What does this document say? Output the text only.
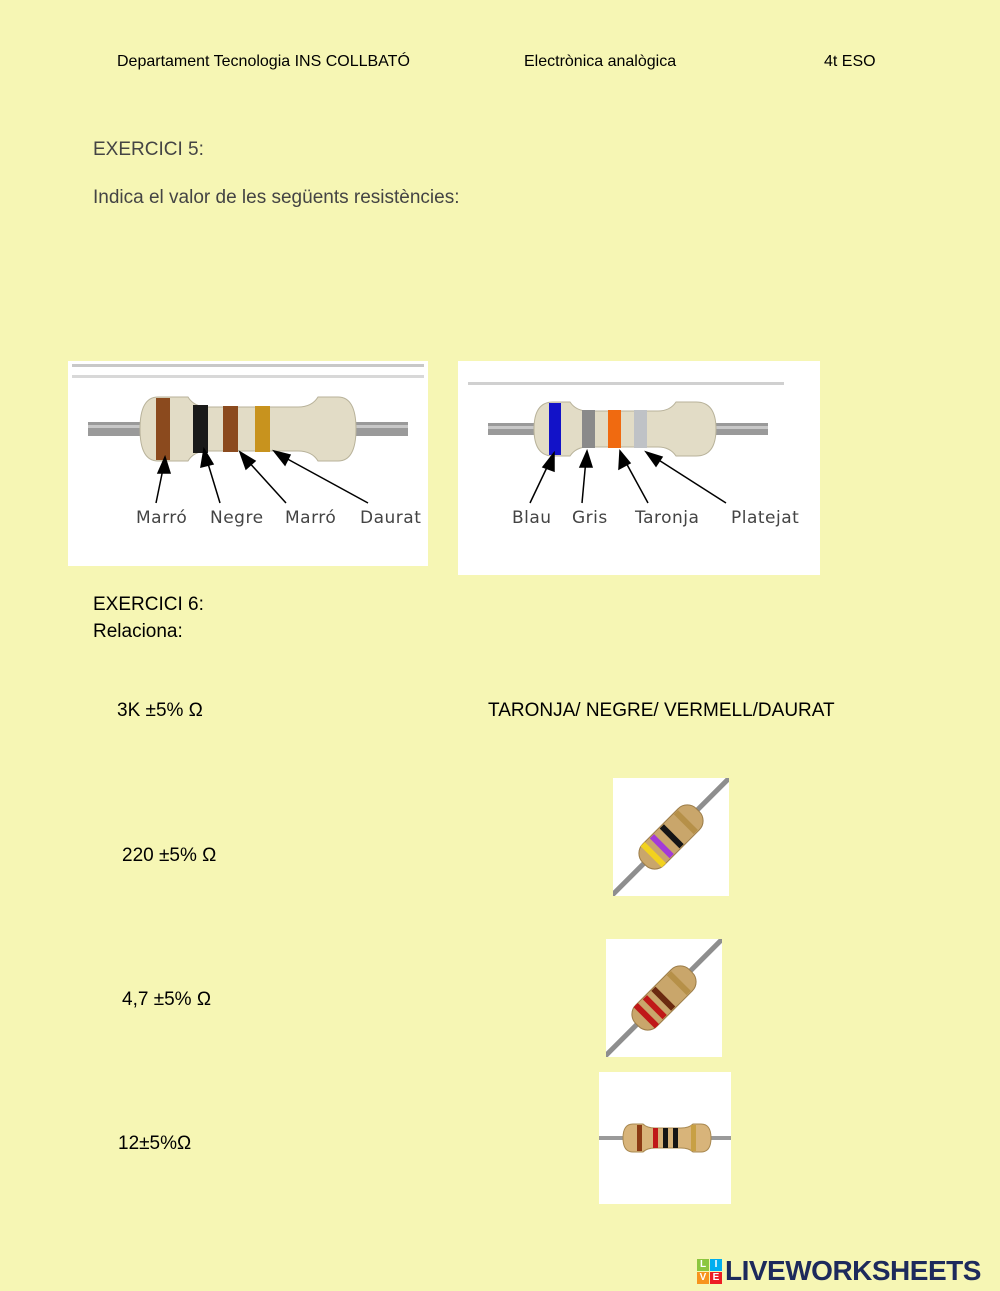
Departament Tecnologia INS COLLBATÓ	Electrònica analògica	4t ESO
EXERCICI 5:
Indica el valor de les següents resistències:
Marró Negre Marró Daurat	Blau Gris Taronja Platejat
EXERCICI 6:
Relaciona:
3K ±5% Ω	TARONJA/ NEGRE/ VERMELL/DAURAT
220 ±5% Ω
4,7 ±5% Ω
12±5%Ω
L I
V E LIVEWORKSHEETS
